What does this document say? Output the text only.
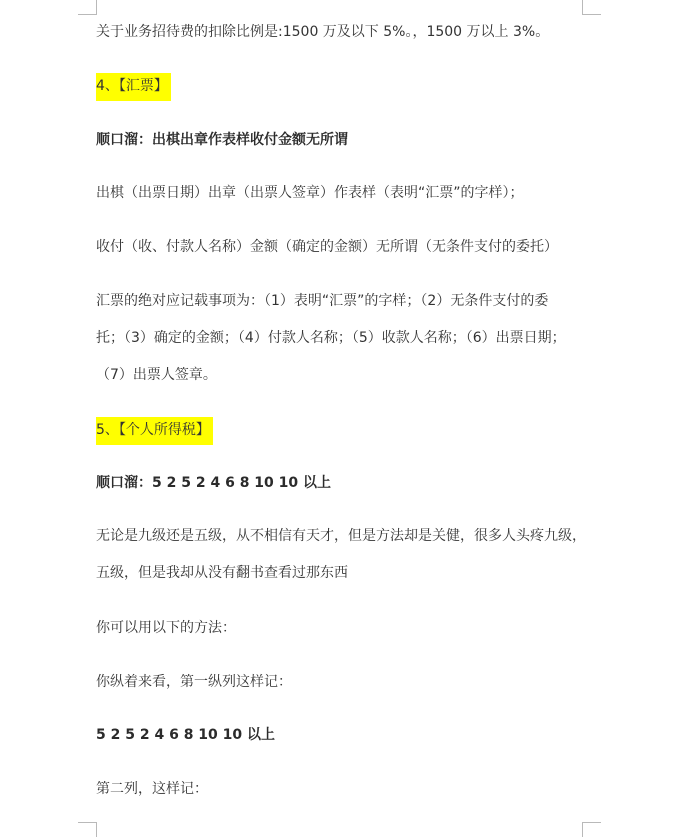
关于业务招待费的扣除比例是:1500 万及以下 5%。，1500 万以上 3%。

4、【汇票】

顺口溜：出棋出章作表样收付金额无所谓

出棋（出票日期）出章（出票人签章）作表样（表明“汇票”的字样）；

收付（收、付款人名称）金额（确定的金额）无所谓（无条件支付的委托）

汇票的绝对应记载事项为：（1）表明“汇票”的字样；（2）无条件支付的委

托；（3）确定的金额；（4）付款人名称；（5）收款人名称；（6）出票日期；

（7）出票人签章。

5、【个人所得税】

顺口溜：5 2 5 2 4 6 8 10 10 以上

无论是九级还是五级，从不相信有天才，但是方法却是关健，很多人头疼九级，

五级，但是我却从没有翻书查看过那东西

你可以用以下的方法：

你纵着来看，第一纵列这样记：

5 2 5 2 4 6 8 10 10 以上

第二列，这样记：
